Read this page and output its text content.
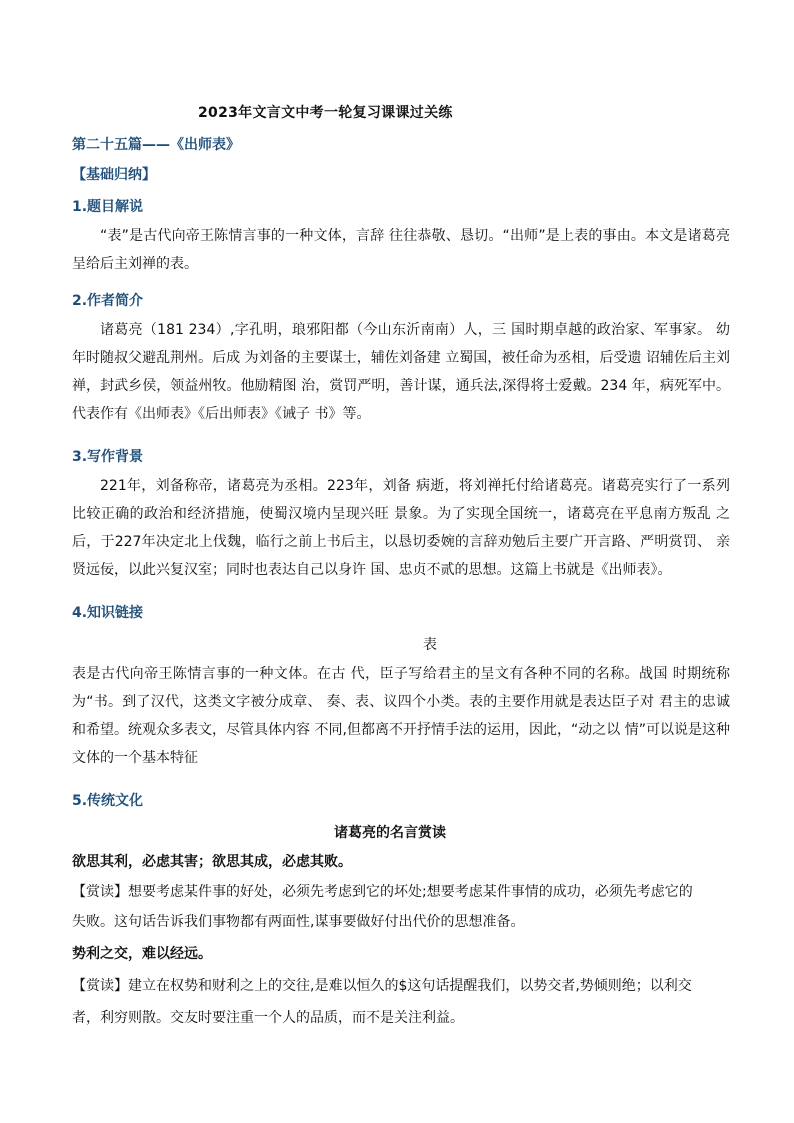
2023年文言文中考一轮复习课课过关练
第二十五篇——《出师表》
【基础归纳】
1.题目解说

“表”是古代向帝王陈情言事的一种文体，言辞 往往恭敬、恳切。“出师”是上表的事由。本文是诸葛亮呈给后主刘禅的表。

2.作者简介

诸葛亮（181 234）,字孔明，琅邪阳都（今山东沂南南）人，三 国时期卓越的政治家、军事家。 幼年时随叔父避乱荆州。后成 为刘备的主要谋士，辅佐刘备建 立蜀国，被任命为丞相，后受遗 诏辅佐后主刘禅，封武乡侯，领益州牧。他励精图 治，赏罚严明，善计谋，通兵法,深得将士爱戴。234 年，病死军中。代表作有《出师表》《后出师表》《诫子 书》等。

3.写作背景

221年，刘备称帝，诸葛亮为丞相。223年，刘备 病逝，将刘禅托付给诸葛亮。诸葛亮实行了一系列比较正确的政治和经济措施，使蜀汉境内呈现兴旺 景象。为了实现全国统一，诸葛亮在平息南方叛乱 之后，于227年决定北上伐魏，临行之前上书后主，以恳切委婉的言辞劝勉后主要广开言路、严明赏罚、 亲贤远佞，以此兴复汉室；同时也表达自己以身许 国、忠贞不贰的思想。这篇上书就是《出师表》。

4.知识链接
表

表是古代向帝王陈情言事的一种文体。在古 代，臣子写给君主的呈文有各种不同的名称。战国 时期统称为“书。到了汉代，这类文字被分成章、 奏、表、议四个小类。表的主要作用就是表达臣子对 君主的忠诚和希望。统观众多表文，尽管具体内容 不同,但都离不开抒情手法的运用，因此，“动之以 情”可以说是这种文体的一个基本特征

5.传统文化
诸葛亮的名言赏读
欲思其利，必虑其害；欲思其成，必虑其败。
【赏读】想要考虑某件事的好处，必须先考虑到它的坏处;想要考虑某件事情的成功，必须先考虑它的
失败。这句话告诉我们事物都有两面性,谋事要做好付出代价的思想准备。
势利之交，难以经远。
【赏读】建立在权势和财利之上的交往,是难以恒久的$这句话提醒我们，以势交者,势倾则绝；以利交
者，利穷则散。交友时要注重一个人的品质，而不是关注利益。
